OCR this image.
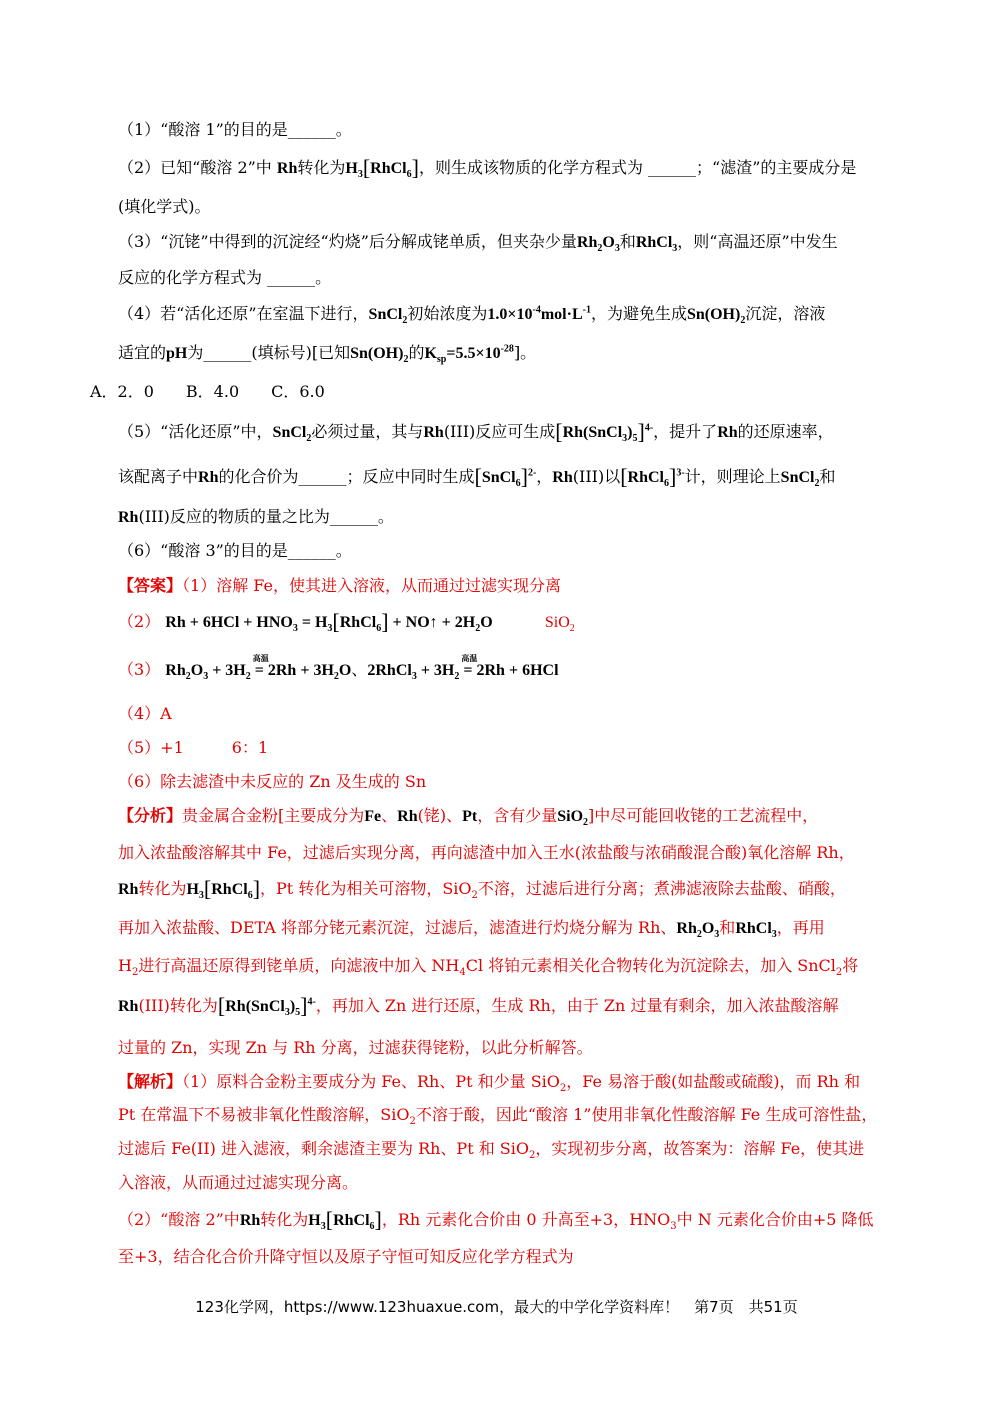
（1）“酸溶 1”的目的是______。
（2）已知“酸溶 2”中 Rh转化为$H_3[RhCl_6]$，则生成该物质的化学方程式为 ______；“滤渣”的主要成分是
(填化学式)。
（3）“沉铑”中得到的沉淀经“灼烧”后分解成铑单质，但夹杂少量$Rh_2O_3$和RhCl$_3$，则“高温还原”中发生
反应的化学方程式为 ______。
（4）若“活化还原”在室温下进行，SnCl$_2$初始浓度为$1.0\times 10^{-4}mol\cdot L^{-1}$，为避免生成$Sn(OH)_2$沉淀，溶液
适宜的pH为______(填标号)[已知$Sn(OH)_2$的$K_{sp}=5.5\times 10^{-28}$]。
A．2．0　　B．4.0　　C．6.0
（5）“活化还原”中，SnCl$_2$必须过量，其与Rh(III)反应可生成$[Rh(SnCl_3)_5]^{4-}$，提升了Rh的还原速率，
该配离子中Rh的化合价为______；反应中同时生成[SnCl$_6$]$^{2-}$，Rh(III)以[RhCl$_6$]$^{3-}$计，则理论上SnCl$_2$和
Rh(III)反应的物质的量之比为______。
（6）“酸溶 3”的目的是______。
【答案】（1）溶解 Fe，使其进入溶液，从而通过过滤实现分离
（2） $Rh + 6HCl + HNO_3$ = $H_3[RhCl_6]$ + NO↑ + $2H_2O$	SiO$_2$
（3） $Rh_2O_3 + 3H_2$
高温
= $2Rh + 3H_2O$、2RhCl$_3$ + $3H_2$
高温
= 2Rh + 6HCl
（4）A
（5）+1　　　6：1
（6）除去滤渣中未反应的 Zn 及生成的 Sn
【分析】贵金属合金粉[主要成分为Fe、Rh(铑)、Pt，含有少量SiO$_2$]中尽可能回收铑的工艺流程中，
加入浓盐酸溶解其中 Fe，过滤后实现分离，再向滤渣中加入王水(浓盐酸与浓硝酸混合酸)氧化溶解 Rh，
Rh转化为$H_3[RhCl_6]$，Pt 转化为相关可溶物，SiO$_2$不溶，过滤后进行分离；煮沸滤液除去盐酸、硝酸，
再加入浓盐酸、DETA 将部分铑元素沉淀，过滤后，滤渣进行灼烧分解为 Rh、$Rh_2O_3$和RhCl$_3$，再用
$H_2$进行高温还原得到铑单质，向滤液中加入 $NH_4Cl$ 将铂元素相关化合物转化为沉淀除去，加入 SnCl$_2$将
Rh(III)转化为$[Rh(SnCl_3)_5]^{4-}$，再加入 Zn 进行还原，生成 Rh，由于 Zn 过量有剩余，加入浓盐酸溶解
过量的 Zn，实现 Zn 与 Rh 分离，过滤获得铑粉，以此分析解答。
【解析】（1）原料合金粉主要成分为 Fe、Rh、Pt 和少量 SiO$_2$，Fe 易溶于酸(如盐酸或硫酸)，而 Rh 和
Pt 在常温下不易被非氧化性酸溶解，SiO$_2$不溶于酸，因此“酸溶 1”使用非氧化性酸溶解 Fe 生成可溶性盐，
过滤后 Fe(II) 进入滤液，剩余滤渣主要为 Rh、Pt 和 SiO$_2$，实现初步分离，故答案为：溶解 Fe，使其进
入溶液，从而通过过滤实现分离。
（2）“酸溶 2”中Rh转化为$H_3[RhCl_6]$，Rh 元素化合价由 0 升高至+3，$HNO_3$中 N 元素化合价由+5 降低
至+3，结合化合价升降守恒以及原子守恒可知反应化学方程式为
123化学网，https://www.123huaxue.com，最大的中学化学资料库！　第7页　共51页
